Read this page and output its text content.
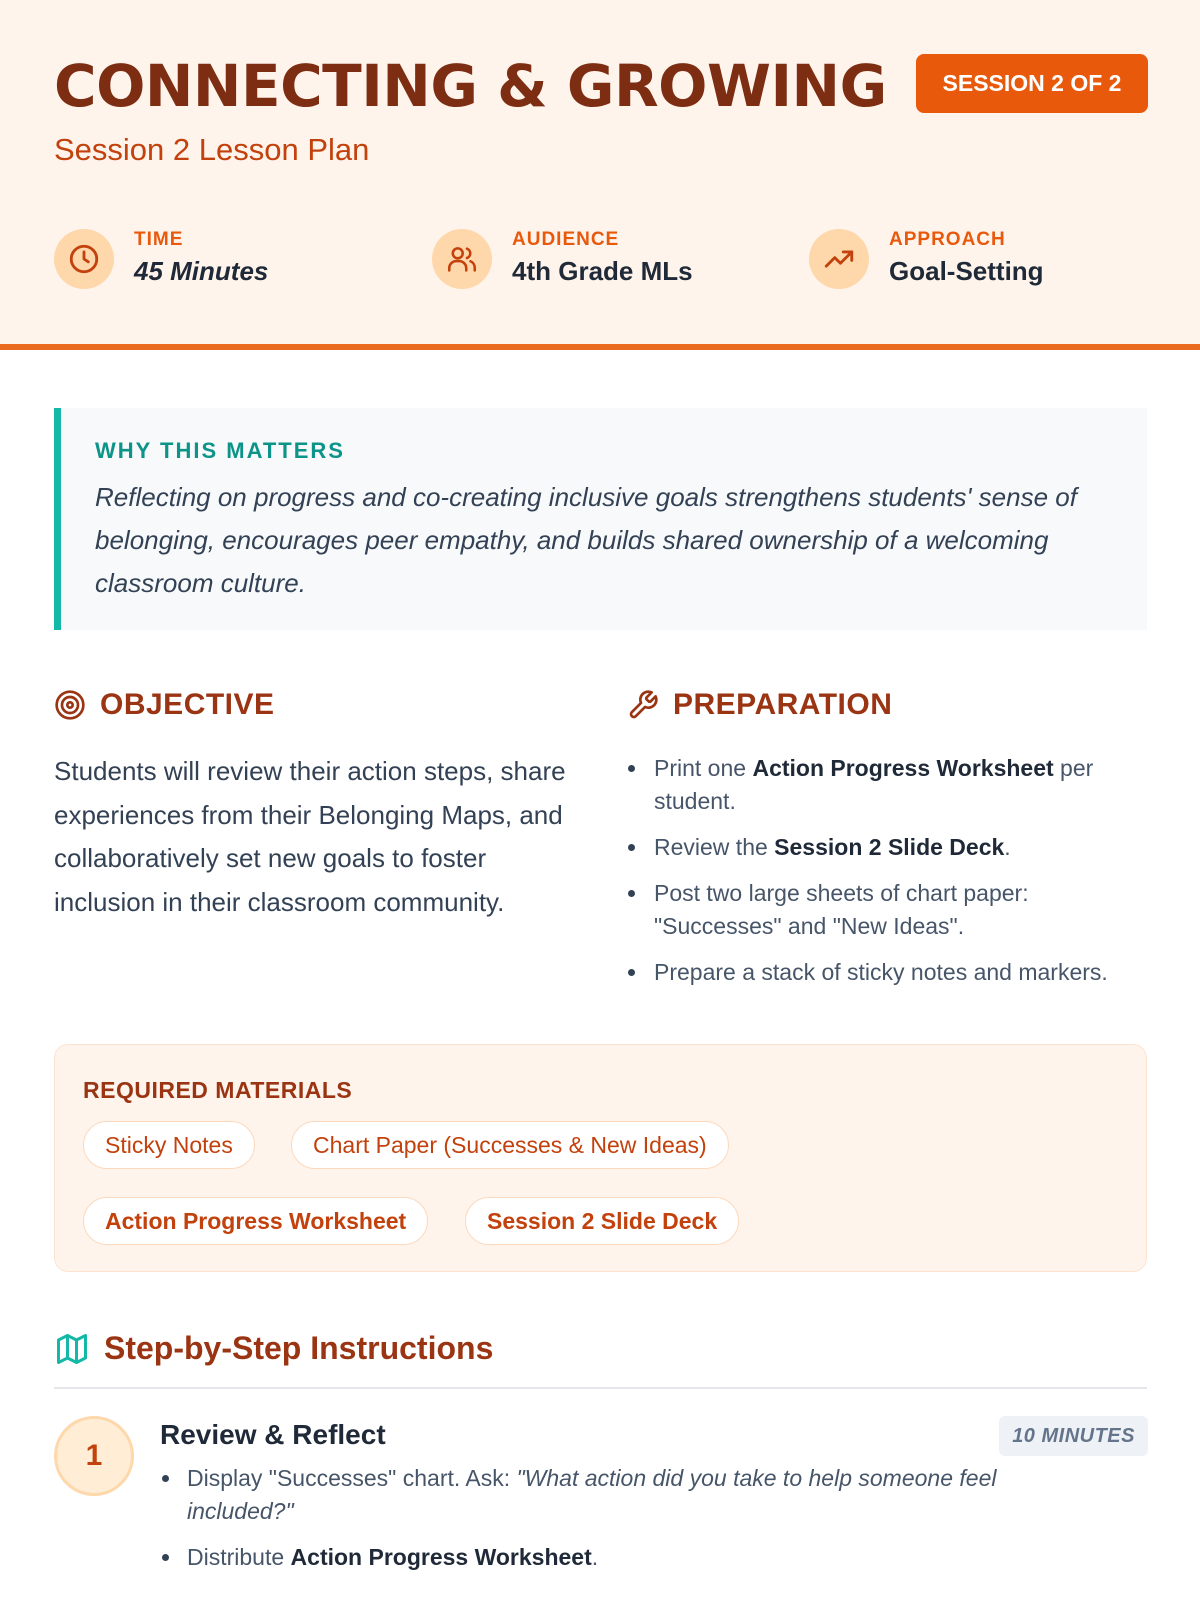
CONNECTING & GROWING
Session 2 Lesson Plan
SESSION 2 OF 2
TIME
45 Minutes
AUDIENCE
4th Grade MLs
APPROACH
Goal-Setting
WHY THIS MATTERS
Reflecting on progress and co-creating inclusive goals strengthens students' sense of belonging, encourages peer empathy, and builds shared ownership of a welcoming classroom culture.
OBJECTIVE
Students will review their action steps, share experiences from their Belonging Maps, and collaboratively set new goals to foster inclusion in their classroom community.
PREPARATION
Print one Action Progress Worksheet per student.
Review the Session 2 Slide Deck.
Post two large sheets of chart paper: "Successes" and "New Ideas".
Prepare a stack of sticky notes and markers.
REQUIRED MATERIALS
Sticky Notes	Chart Paper (Successes & New Ideas)
Action Progress Worksheet	Session 2 Slide Deck
Step-by-Step Instructions
1
Review & Reflect	10 MINUTES
Display "Successes" chart. Ask: "What action did you take to help someone feel included?"
Distribute Action Progress Worksheet.
